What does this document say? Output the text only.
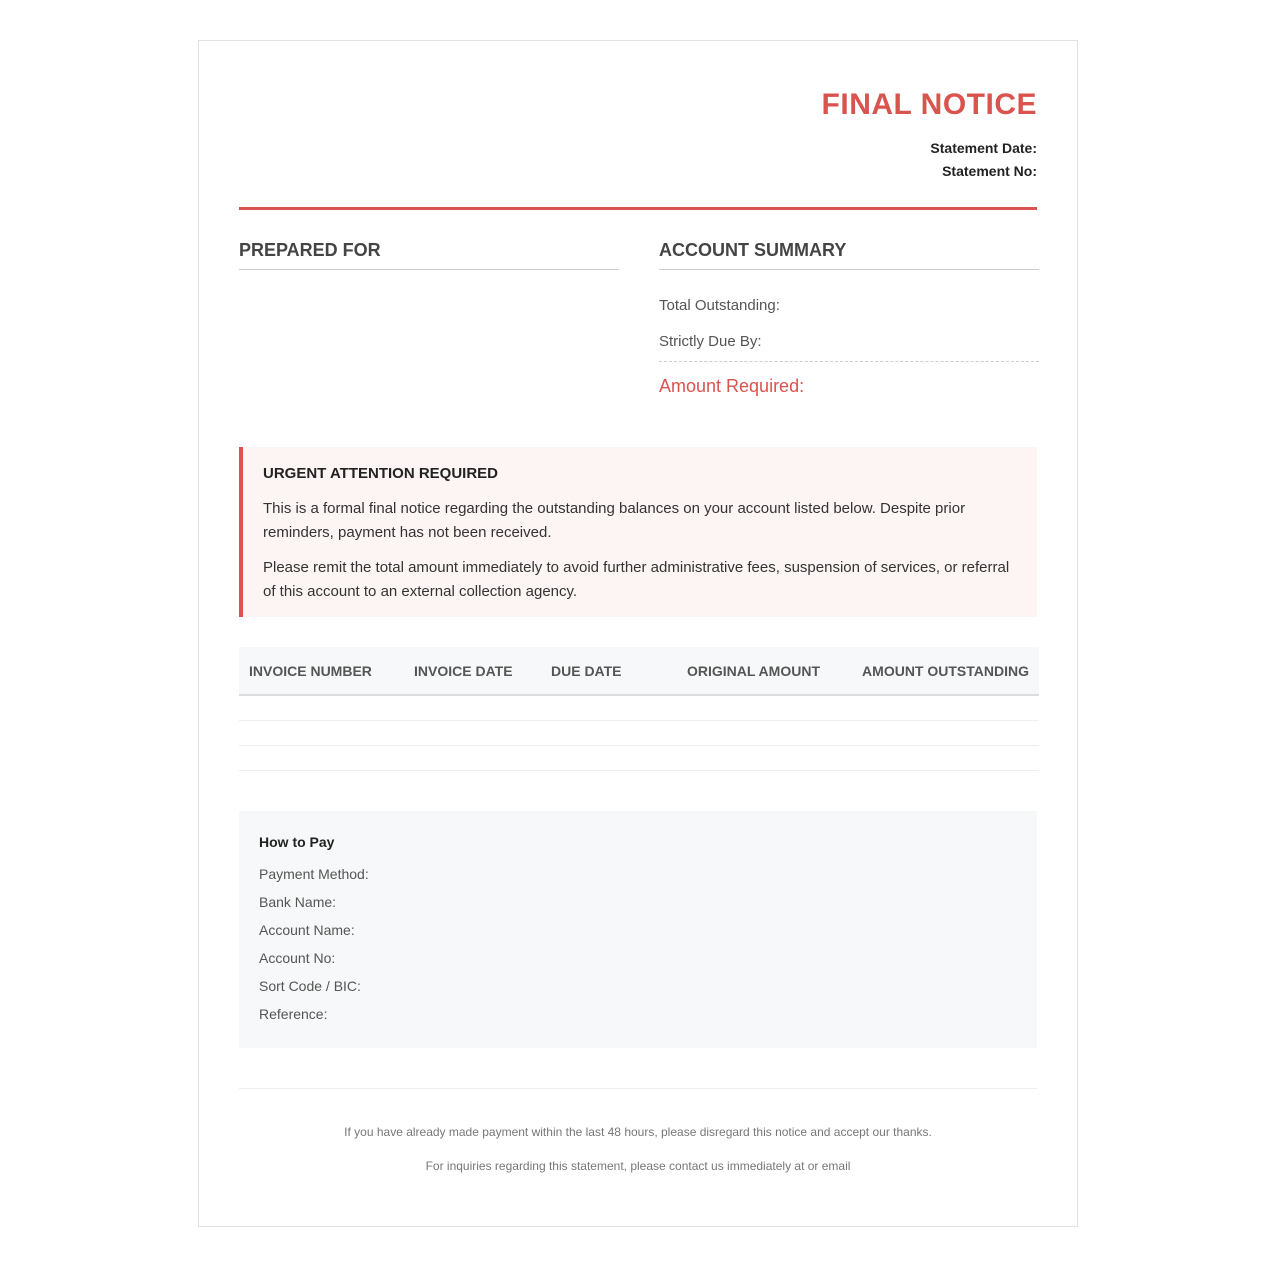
FINAL NOTICE
Statement Date:
Statement No:
PREPARED FOR	ACCOUNT SUMMARY
Total Outstanding:
Strictly Due By:
Amount Required:
URGENT ATTENTION REQUIRED

This is a formal final notice regarding the outstanding balances on your account listed below. Despite prior reminders, payment has not been received.

Please remit the total amount immediately to avoid further administrative fees, suspension of services, or referral of this account to an external collection agency.

INVOICE NUMBER	INVOICE DATE	DUE DATE	ORIGINAL AMOUNT	AMOUNT OUTSTANDING

How to Pay
Payment Method:
Bank Name:
Account Name:
Account No:
Sort Code / BIC:
Reference:

If you have already made payment within the last 48 hours, please disregard this notice and accept our thanks.

For inquiries regarding this statement, please contact us immediately at or email
